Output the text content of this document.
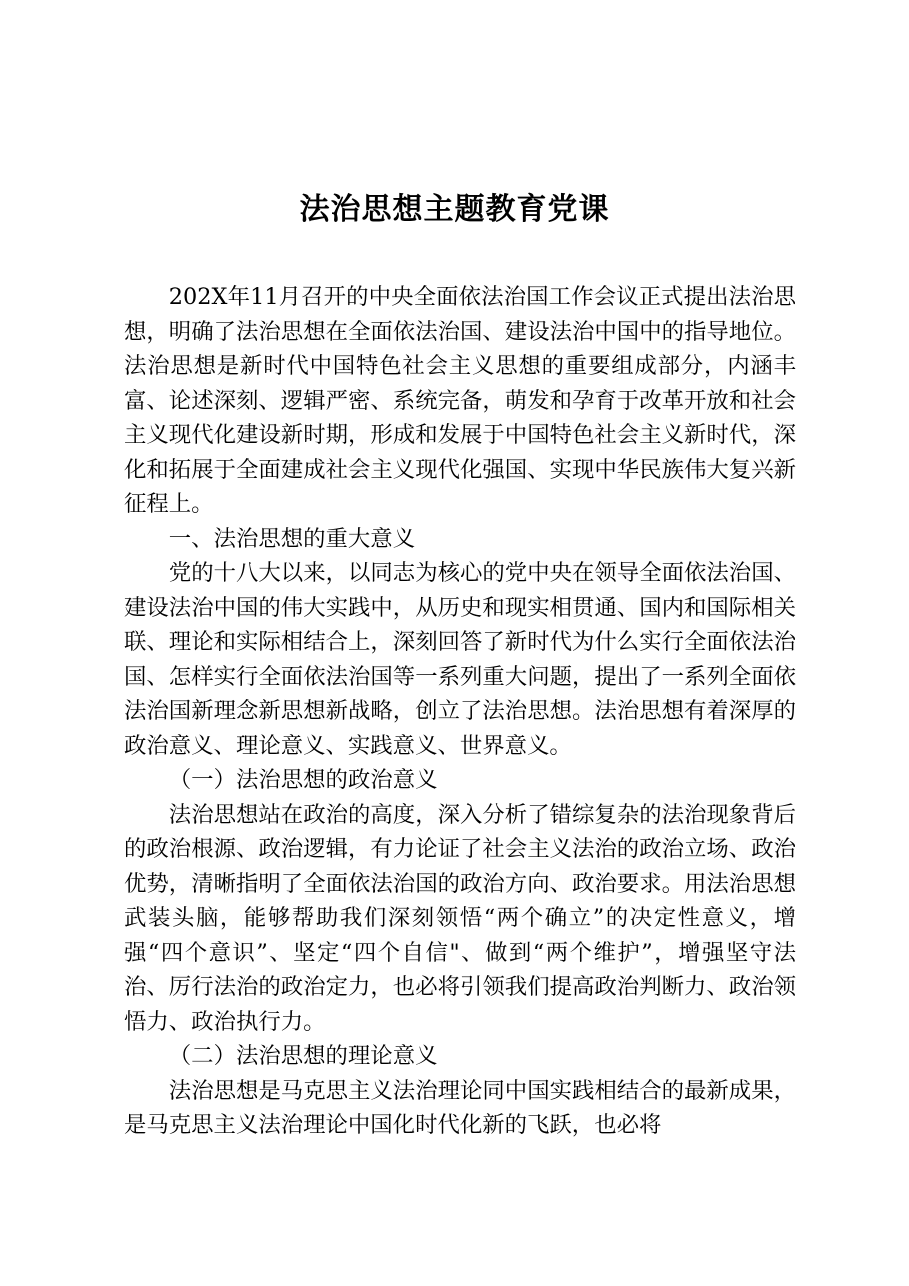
法治思想主题教育党课

202X年11月召开的中央全面依法治国工作会议正式提出法治思想，明确了法治思想在全面依法治国、建设法治中国中的指导地位。法治思想是新时代中国特色社会主义思想的重要组成部分，内涵丰富、论述深刻、逻辑严密、系统完备，萌发和孕育于改革开放和社会主义现代化建设新时期，形成和发展于中国特色社会主义新时代，深化和拓展于全面建成社会主义现代化强国、实现中华民族伟大复兴新征程上。

一、法治思想的重大意义

党的十八大以来，以同志为核心的党中央在领导全面依法治国、建设法治中国的伟大实践中，从历史和现实相贯通、国内和国际相关联、理论和实际相结合上，深刻回答了新时代为什么实行全面依法治国、怎样实行全面依法治国等一系列重大问题，提出了一系列全面依法治国新理念新思想新战略，创立了法治思想。法治思想有着深厚的政治意义、理论意义、实践意义、世界意义。

（一）法治思想的政治意义

法治思想站在政治的高度，深入分析了错综复杂的法治现象背后的政治根源、政治逻辑，有力论证了社会主义法治的政治立场、政治优势，清晰指明了全面依法治国的政治方向、政治要求。用法治思想武装头脑，能够帮助我们深刻领悟“两个确立”的决定性意义，增强“四个意识”、坚定“四个自信"、做到“两个维护”，增强坚守法治、厉行法治的政治定力，也必将引领我们提高政治判断力、政治领悟力、政治执行力。

（二）法治思想的理论意义

法治思想是马克思主义法治理论同中国实践相结合的最新成果，是马克思主义法治理论中国化时代化新的飞跃，也必将
